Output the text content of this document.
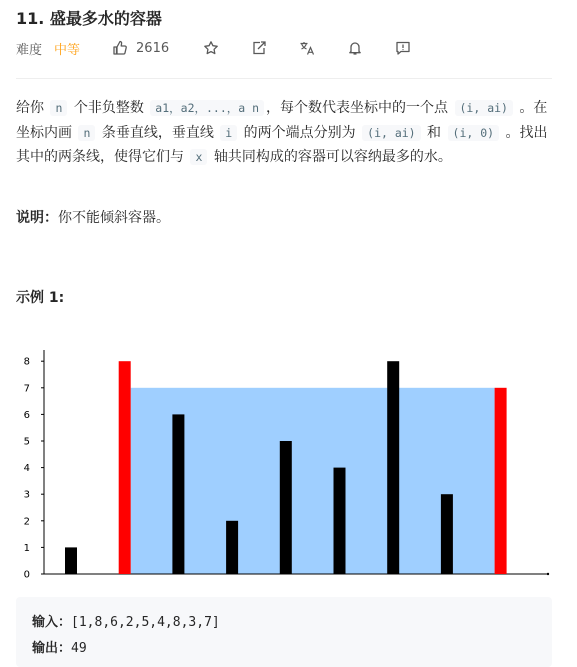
11. 盛最多水的容器
难度 中等	2616

给你 n 个非负整数 a1，a2，...，a n ，每个数代表坐标中的一个点 (i, ai) 。在坐标内画 n 条垂直线，垂直线 i 的两个端点分别为 (i, ai) 和 (i, 0) 。找出其中的两条线，使得它们与 x 轴共同构成的容器可以容纳最多的水。

说明：你不能倾斜容器。
示例 1:
0
1
2
3
4
5
6
7
8
输入：[1,8,6,2,5,4,8,3,7]
输出：49
